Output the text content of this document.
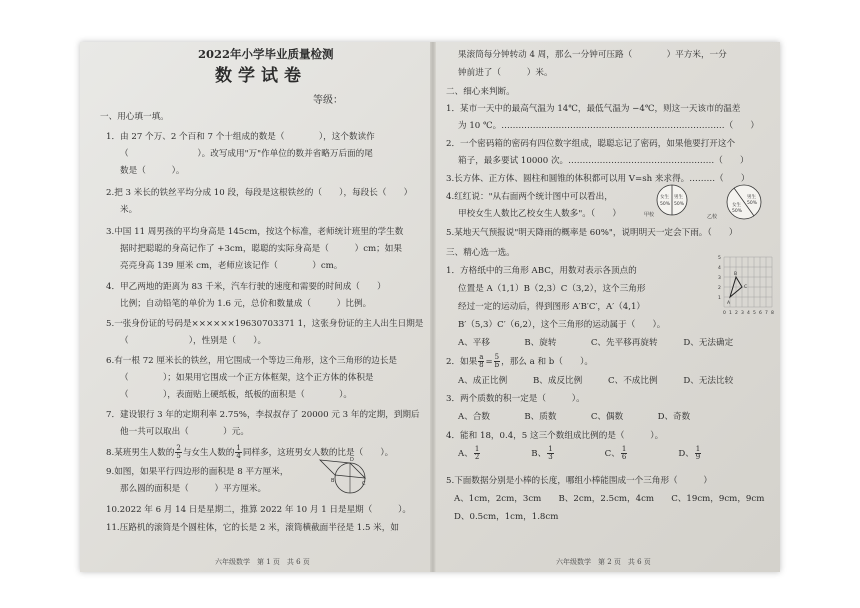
2022年小学毕业质量检测
数学试卷
等级：
一、用心填一填。
1．由 27 个万、2 个百和 7 个十组成的数是（　　　　），这个数读作
（　　　　　　　　）。改写成用"万"作单位的数并省略万后面的尾
数是（　　　）。
2.把 3 米长的铁丝平均分成 10 段，每段是这根铁丝的（　　），每段长（　　）
米。
3.中国 11 周男孩的平均身高是 145cm，按这个标准，老师统计班里的学生数
据时把聪聪的身高记作了 +3cm，聪聪的实际身高是（　　　）cm；如果
亮亮身高 139 厘米 cm，老师应该记作（　　　　）cm。
4．甲乙两地的距离为 83 千米，汽车行驶的速度和需要的时间成（　　）
比例；自动铅笔的单价为 1.6 元，总价和数量成（　　　）比例。
5.一张身份证的号码是××××××19630703371 1，这张身份证的主人出生日期是
（　　　　　　　），性别是（　　）。
6.有一根 72 厘米长的铁丝，用它围成一个等边三角形，这个三角形的边长是
（　　　　）；如果用它围成一个正方体框架，这个正方体的体积是
（　　　　），表面贴上硬纸板，纸板的面积是（　　　　）。
7．建设银行 3 年的定期利率 2.75%，李叔叔存了 20000 元 3 年的定期，到期后
他一共可以取出（　　　　）元。
8.某班男生人数的 $\frac{2}{5}$ 与女生人数的 $\frac{1}{4}$ 同样多，这班男女人数的比是（　　）。
9.如图，如果平行四边形的面积是 8 平方厘米，
那么圆的面积是（　　　）平方厘米。
D
B	C
10.2022 年 6 月 14 日是星期二，推算 2022 年 10 月 1 日是星期（　　　）。
11.压路机的滚筒是个圆柱体，它的长是 2 米，滚筒横截面半径是 1.5 米，如
六年级数学　第 1 页　共 6 页
果滚筒每分钟转动 4 周，那么一分钟可压路（　　　　）平方米，一分
钟前进了（　　　）米。
二、细心来判断。
1．某市一天中的最高气温为 14℃，最低气温为 −4℃，则这一天该市的温差
为 10 ℃。……………………………………………………………………（　　）
2．一个密码箱的密码有四位数字组成，聪聪忘记了密码，如果他要打开这个
箱子，最多要试 10000 次。……………………………………………（　　）
3.长方体、正方体、圆柱和圆锥的体积都可以用 V=sh 来求得。………（　　）
4.红红说："从右面两个统计图中可以看出，
甲校女生人数比乙校女生人数多"。（　　）
女生
50%
男生
50%
甲校
女生
50%
男生
50%
乙校
5.某地天气预报说"明天降雨的概率是 60%"，说明明天一定会下雨。（　　）
三、精心选一选。
1．方格纸中的三角形 ABC，用数对表示各顶点的
位置是 A（1,1）B（2,3）C（3,2），这个三角形
经过一定的运动后，得到图形 A′B′C′，A′（4,1）
B′（5,3）C′（6,2），这个三角形的运动属于（　　）。
5
4
3
2
1
0 1 2 3 4 5 6 7 8
A
B
C
A、平移　　　　B、旋转　　　　C、先平移再旋转　　　D、无法确定
2．如果 $\frac{a}{8} = \frac{5}{b}$ ，那么 a 和 b（　　）。
A、成正比例　　　B、成反比例　　　C、不成比例　　　D、无法比较
3．两个质数的积一定是（　　　）。
A、合数　　　　B、质数　　　　C、偶数　　　　D、奇数
4．能和 18，0.4，5 这三个数组成比例的是（　　　）。
A、 $\frac{1}{2}$	B、 $\frac{1}{3}$	C、 $\frac{1}{6}$	D、 $\frac{1}{9}$
5.下面数据分别是小棒的长度，哪组小棒能围成一个三角形（　　　）
A、1cm，2cm，3cm　　B、2cm，2.5cm，4cm　　C、19cm，9cm，9cm
D、0.5cm，1cm，1.8cm
六年级数学　第 2 页　共 6 页
